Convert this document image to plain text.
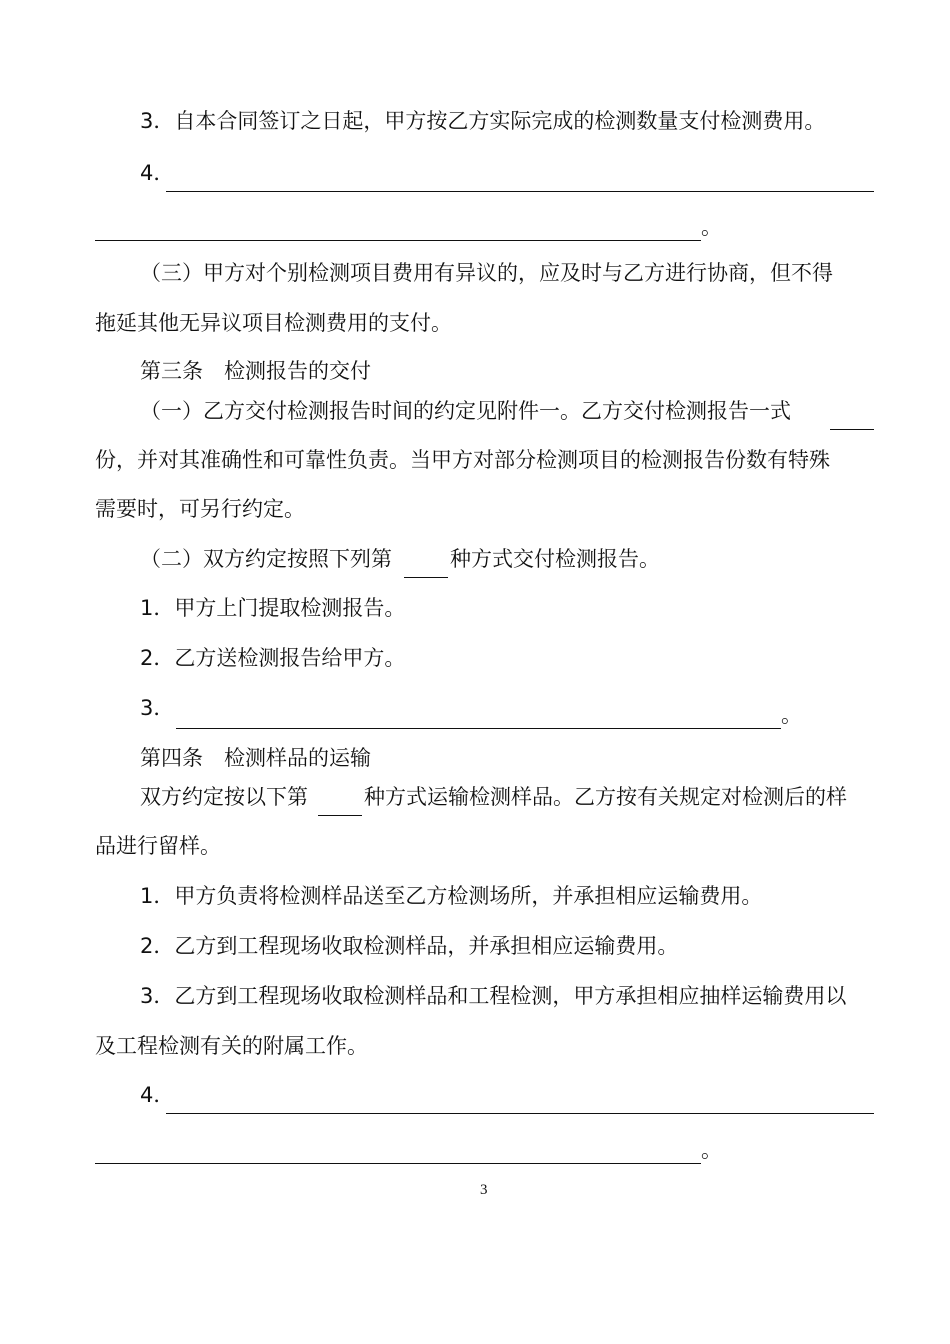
3．自本合同签订之日起，甲方按乙方实际完成的检测数量支付检测费用。
4．
。
（三）甲方对个别检测项目费用有异议的，应及时与乙方进行协商，但不得
拖延其他无异议项目检测费用的支付。
第三条　检测报告的交付
（一）乙方交付检测报告时间的约定见附件一。乙方交付检测报告一式
份，并对其准确性和可靠性负责。当甲方对部分检测项目的检测报告份数有特殊
需要时，可另行约定。
（二）双方约定按照下列第	种方式交付检测报告。
1．甲方上门提取检测报告。
2．乙方送检测报告给甲方。
3．	。
第四条　检测样品的运输
双方约定按以下第	种方式运输检测样品。乙方按有关规定对检测后的样
品进行留样。
1．甲方负责将检测样品送至乙方检测场所，并承担相应运输费用。
2．乙方到工程现场收取检测样品，并承担相应运输费用。
3．乙方到工程现场收取检测样品和工程检测，甲方承担相应抽样运输费用以
及工程检测有关的附属工作。
4．
。
3
